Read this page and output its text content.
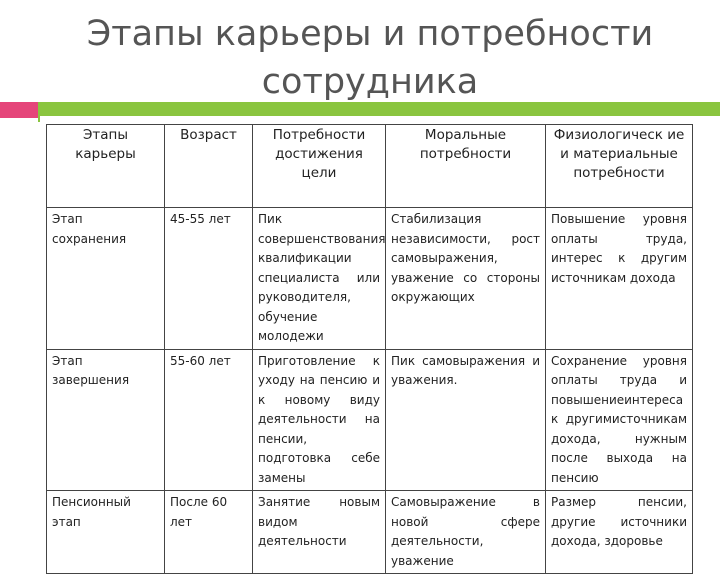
Этапы карьеры и потребности сотрудника
Этапы карьеры	Возраст	Потребности достижения цели	Моральные потребности	Физиологическ ие и материальные потребности
Этап сохранения	45-55 лет	Пик совершенствования квалификации специалиста или руководителя, обучение молодежи	Стабилизация независимости, рост самовыражения, уважение со стороны окружающих	Повышение уровня оплаты труда, интерес к другим источникам дохода
Этап завершения	55-60 лет	Приготовление к уходу на пенсию и к новому виду деятельности на пенсии, подготовка себе замены	Пик самовыражения и уважения.	Сохранение уровня оплаты труда и повышениеинтереса к другимисточникам дохода, нужным после выхода на пенсию
Пенсионный этап	После 60 лет	Занятие новым видом деятельности	Самовыражение в новой сфере деятельности, уважение	Размер пенсии, другие источники дохода, здоровье
